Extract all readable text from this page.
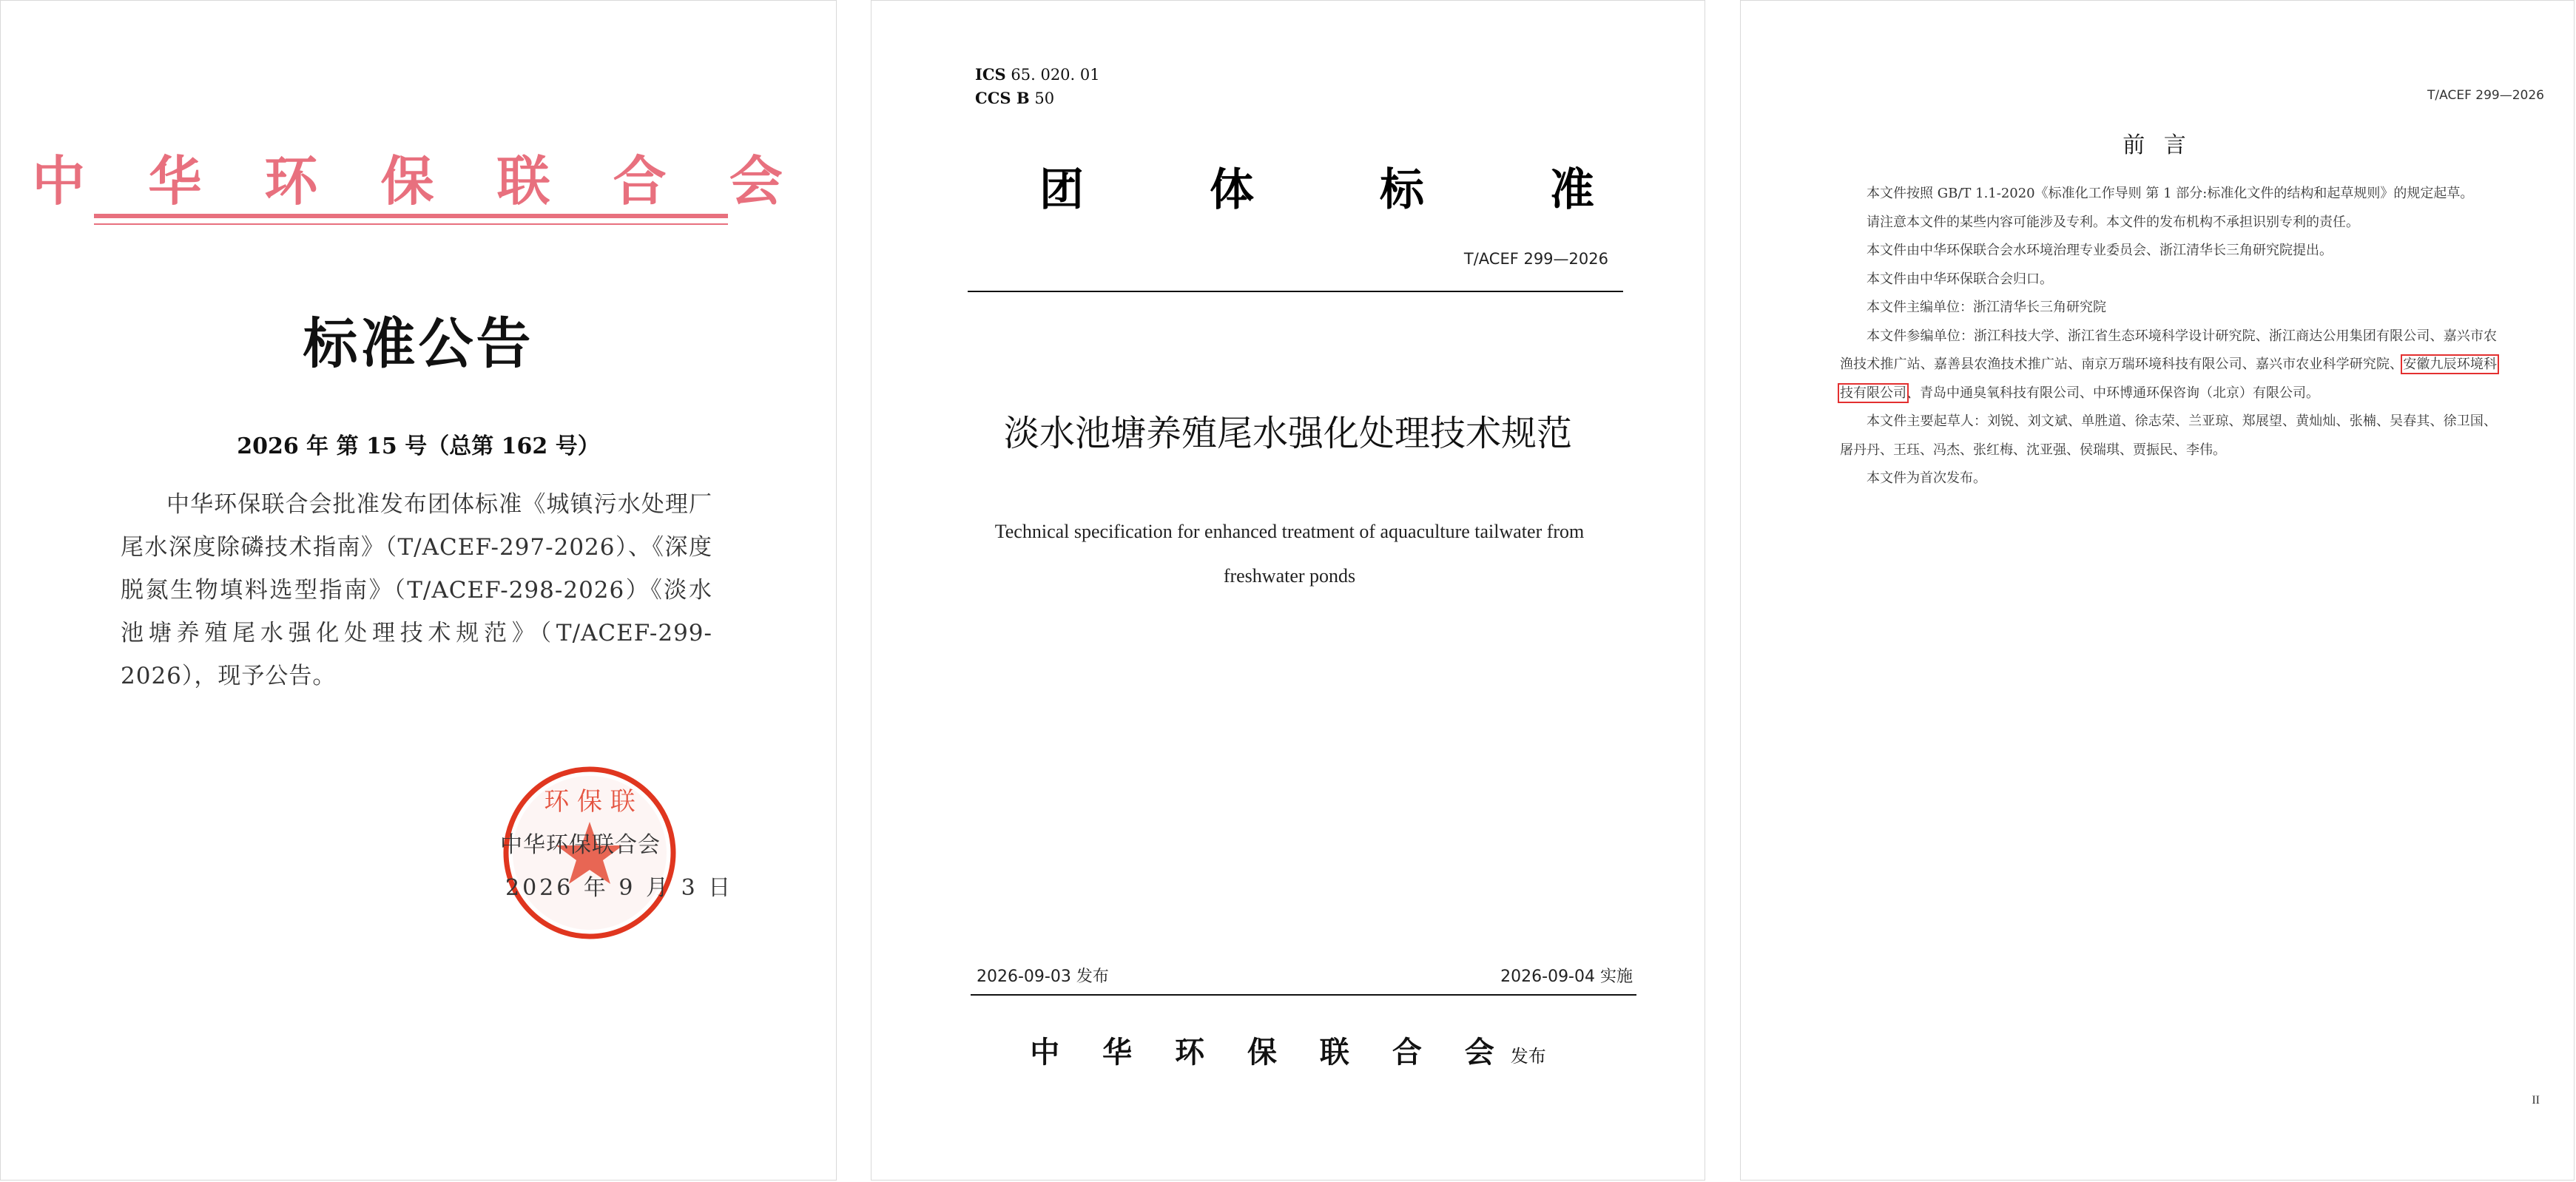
中 华 环 保 联 合 会
标准公告
2026 年 第 15 号（总第 162 号）
中华环保联合会批准发布团体标准《城镇污水处理厂尾水深度除磷技术指南》（T/ACEF-297-2026）、《深度脱氮生物填料选型指南》（T/ACEF-298-2026）《淡水池塘养殖尾水强化处理技术规范》（T/ACEF-299-2026），现予公告。
环 保 联
中华环保联合会
2026 年 9 月 3 日
ICS 65. 020. 01
CCS B 50
团	体	标	准
T/ACEF 299—2026
淡水池塘养殖尾水强化处理技术规范
Technical specification for enhanced treatment of aquaculture tailwater from
freshwater ponds
2026-09-03 发布	2026-09-04 实施
中 华 环 保 联 合 会发布
T/ACEF 299—2026
前 言

本文件按照 GB/T 1.1-2020《标准化工作导则 第 1 部分:标准化文件的结构和起草规则》的规定起草。

请注意本文件的某些内容可能涉及专利。本文件的发布机构不承担识别专利的责任。

本文件由中华环保联合会水环境治理专业委员会、浙江清华长三角研究院提出。

本文件由中华环保联合会归口。

本文件主编单位：浙江清华长三角研究院

本文件参编单位：浙江科技大学、浙江省生态环境科学设计研究院、浙江商达公用集团有限公司、嘉兴市农渔技术推广站、嘉善县农渔技术推广站、南京万瑞环境科技有限公司、嘉兴市农业科学研究院、安徽九辰环境科技有限公司、青岛中通臭氧科技有限公司、中环博通环保咨询（北京）有限公司。

本文件主要起草人：刘锐、刘文斌、单胜道、徐志荣、兰亚琼、郑展望、黄灿灿、张楠、吴春其、徐卫国、屠丹丹、王珏、冯杰、张红梅、沈亚强、侯瑞琪、贾振民、李伟。

本文件为首次发布。

II
